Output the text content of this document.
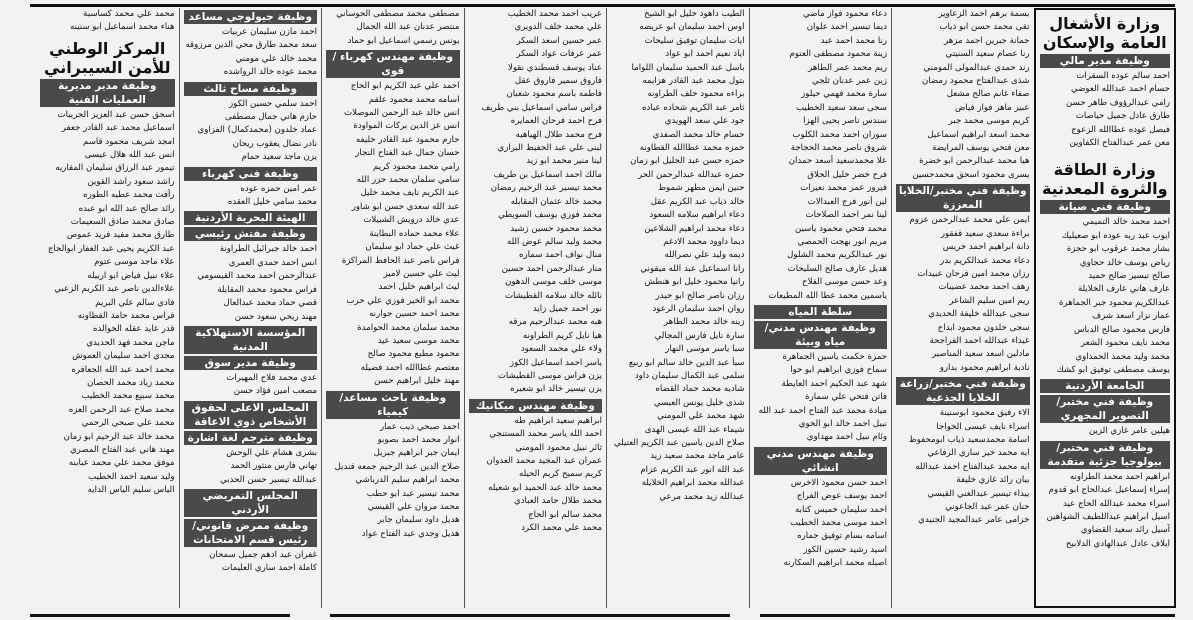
وزارة الأشغال العامة والإسكان
وظيفة مدير مالي
احمد سالم عوده السقرات
حسام احمد عبدالله العوضي
رامي عبدالرؤوف طاهر حسن
طارق عادل جميل حياصات
فيصل عوده عطاالله الزعوج
معن عمر عبدالفتاح الكفاوين
وزارة الطاقة والثروة المعدنية
وظيفة فني صيانة
احمد محمد خالد التميمي
ايوب عبد ربه عوده ابو صعيليك
بشار محمد عرقوب ابو حجزة
رياض يوسف خالد حجاوي
صالح تيسير صالح حميد
عارف هاني عارف الخلايلة
عبدالكريم محمود جبر الجماهرة
عمار نزار اسعد شرف
فارس محمود صالح الدباس
محمد نايف محمود الشعر
محمد وليد محمد الحمداوي
يوسف مصطفى توفيق ابو كشك
الجامعة الأردنية
وظيفة فني مختبر/التصوير المجهري
هيلين عامر غازي الزين
وظيفة فني مختبر/بيولوجيا جزئية متقدمة
ابراهيم احمد محمد الطراونه
إسراء إسماعيل عبدالحاج ابو قدوم
اسراء محمد عبدالله الحاج عيد
اسيل ابراهيم عبداللطيف الشواهين
آسيل رائد سعيد القضاوي
ايلاف عادل عبدالهادي الدلابيح
بسمة برهم احمد الزعاوير
تقى محمد حسن ابو ذياب
جمانة جبرين احمد مزهر
رنا عصام سعيد السنيتي
رند حمدي عبدالمولى المومني
شذى عبدالفتاح محمود رمضان
صفاء غانم صالح مشعل
عبير ماهر فواز فياض
كريم موسى محمد جبر
محمد اسعد ابراهيم اسماعيل
معن فتحي يوسف المرايضة
هيا محمد عبدالرحمن ابو خضرة
يسرى محمود اسحق محمدحسين
وظيفة فني مختبر/الخلايا المعززة
ايمن علي محمد عبدالرحمن عزوم
براءة سعدي سعيد قفقور
دانة ابراهيم احمد خريس
دعاء محمد عبدالكريم بدر
رزان محمد امين فرحان عبيدات
رهف احمد محمد عضيبات
ريم امين سليم الشاعر
سجى عبدالله خليفة الحديدي
سجى خلدون محمود ابداح
غيداء عبدالله احمد الفراجحة
مادلين اسعد سعيد المناصير
نادية ابراهيم محمود بدارو
وظيفة فني مختبر/زراعة الخلايا الجذعية
الاء رفيق محمود ابوسنينة
اسراء نايف عيسى الخواجا
اسامة محمدسعيد ذياب ابومحفوظ
ايه محمد خير ساري الرفاعي
ايه محمد عبدالفتاح احمد عبدالله
بيان رائد غازي خليفة
بيداء تيسير عبدالغني القيسي
حنان عمر عيد الجاعوني
خزامى عامر عبدالمجيد الجنيدي
دعاء محمود فواز ماضي
ديما تيسير احمد علوان
رنا محمد احمد عبد
زينة محمود مصطفى العتوم
ريم محمد عمر الطاهر
زين عمر عدنان ثلجي
سارة محمد فهمي حيلوز
سجى سعد سعيد الخطيب
سندس ناصر يحيى الهزا
سوزان احمد محمد الكلوب
شروق ناصر محمد الحجاجة
علا محمدسعيد أسعد حمدان
فرح خضر خليل الحلاق
فيروز عمر محمد نعيرات
لين أنور فرج العبدالات
لينا نمر احمد الصلاحات
محمد فتحي محمود ياسين
مريم انور بهجت الحمصي
نور عبدالكريم محمد الشلول
هديل عارف صالح السليحات
وعد حسن موسى الفلاح
ياسمين محمد عطا الله المطيعات
سلطة المياه
وظيفة مهندس مدني/مياه وبيئة
حمزة حكمت ياسين الجماهرة
سماح فوزي ابراهيم ابو حوا
شهد عبد الحكيم احمد العايطة
فاتن فتحي علي سمارة
ميادة محمد عبد الفتاح احمد عبد الله
نبيل احمد خالد ابو الخوي
وئام نبيل احمد مهداوي
وظيفة مهندس مدني انشائي
احمد حسن محمود الاخرس
احمد يوسف عوض الفراج
احمد سليمان خميس كتابه
احمد موسى محمد الخطيب
اسامه بسام توفيق جماره
اسيد رشيد حسين الكوز
اصيله محمد ابراهيم السكارنه
الطيب داهود خليل ابو الشيخ
اوس احمد سليمان ابو عريضه
ايات سليمان توفيق سليحات
اياد نعيم احمد ابو عواد
باسل عبد الحميد سليمان اللواما
بتول محمد عبد القادر هزايمه
براءه محمود خلف الطراونه
ثامر عبد الكريم شحاده عباده
جود علي سعد الهويدي
حسام خالد محمد الصفدي
حمزه محمد عطاالله القطاونه
حمزه حسن عبد الجليل ابو زمان
حمزه عبدالله عبدالرحمن الحر
حنين ايمن مطهر شموط
خالد ذياب عبد الكريم عقل
دعاء ابراهيم سلامه السعود
دعاء محمد ابراهيم الشلاعين
ديما داوود محمد الادغم
ديمه وليد علي نصرالله
رانا اسماعيل عبد الله ميقوني
رانيا محمود خليل ابو هنطش
رزان ناصر صالح ابو حيدر
روان احمد سليمان الرعود
زينه خالد محمد الطاهر
سارة نايل فارس المجالي
سبا ياسر موسى النهار
سبأ عبد الدين خالد سالم ابو ربيع
سلمى عبد الكمال سليمان داود
شاديه محمد حماد القضاه
شذى خليل يونس العبسي
شهد محمد علي المومني
شيماء عبد الله عيسى الهدى
صلاح الدين ياسين عبد الكريم العتيلي
عامر ماجد محمد سعيد زيد
عبد الله انور عبد الكريم عزام
عبدالله محمد ابراهيم الخلايله
عبدالله زيد محمد مرعي
عريب احمد محمد الخطيب
علي محمد خلف الدويري
عمر حسين اسعد السكر
عمر عرفات عواد السكر
عناد يوسف قسطندي نقولا
فاروق سمير فاروق عقل
فاطمه باسم محمود شعبان
فراس سامي اسماعيل بني طريف
فرح احمد فرحان العمايره
فرح محمد طلال الهياهيه
لبنى علي عبد الحفيظ البراري
لينا منير محمد ابو زيد
مالك احمد اسماعيل بن طريف
محمد تيسير عبد الرحيم رمضان
محمد خالد عثمان المقابله
محمد فوزي يوسف السويطي
محمد محمود حسين زشيد
محمد وليد سالم عوض الله
منال نواف احمد سماره
منار عبدالرحمن احمد حسين
موسى خلف موسى الدهون
نائله خالد سلامه القطيشات
نور احمد جميل زايد
هبه محمد عبدالرحيم مرقه
هيا نايل كريم الطراونه
ولاء علي محمد السعود
ياسر احمد اسماعيل الكوز
يزن فراس موسى القطيشات
يزن تيسير خالد ابو شعيره
وظيفة مهندس ميكانيك
ابراهيم سعيد ابراهيم طه
احمد الله ياسر محمد المستنجي
ثائر نبيل محمود المومني
عمران عبد المجيد محمد العدوان
كريم سميح كريم الحيله
محمد خالد عبد الحميد ابو شعيله
محمد طلال حامد العبادي
محمد سالم ابو الحاج
محمد علي محمد الكرد
مصطفى محمد مصطفى الحوساني
منتصر عدنان عبد الله الجمال
يونس رسمي اسماعيل ابو حماد
وظيفة مهندس كهرباء / قوى
احمد علي عبد الكريم ابو الحاج
اسامه محمد محمود علقم
انس خالد عبد الرحمن الموصلات
انس عز الدين بركات المواودة
حازم محمود عبد القادر خليفه
حسان جمال عبد الفتاح النجار
رامي محمد محمود كريم
سامي سلمان محمد حزر الله
عبد الكريم نايف محمد خليل
عبد الله سعدي حسن ابو شاور
عدي خالد درويش الشبيلات
علاء محمد حماده البطاينة
غيث علي حماد ابو سليمان
فراس ناصر عبد الحافظ المراكزة
ليث علي حسين لاميز
ليث ابراهيم خليل احمد
محمد ابو الخير فوزي علي حرب
محمد احمد حسين جوارنه
محمد سلمان محمد الحوامدة
محمد موسى سعيد عيد
محمود مطيع محمود صالح
معتصم عطاالله احمد فضيله
مهند خليل ابراهيم حسن
وظيفة باحث مساعد/كيمياء
احمد صبحي ذيب عمار
انوار محمد احمد بصوبو
ايمان جبر ابراهيم جبريل
صلاح الدين عبد الرحيم جمعه قنديل
محمد ابراهيم سليم الدرباشي
محمد تيسير عبد ابو حطب
محمد مروان علي القيسي
هديل داود سليمان جابر
هديل وجدي عبد الفتاح عواد
وظيفة جيولوجي مساعد
احمد مازن سليمان عربيات
سعد محمد طارق محي الدين مرزوقه
محمد خالد علي مومني
محمد عوده خالد الرواشده
وظيفة مساح ثالث
احمد سلمي حسين الكوز
حازم هاني جمال مصطفى
عماد خلدون (محمدكمال) الفزاوي
نادر نضال يعقوب ريحان
يزن ماجد سعيد حمام
وظيفة فني كهرباء
عمر امين حمزه عوده
محمد سامي خليل العقده
الهيئة البحرية الأردنية
وظيفة مفتش رئيسي
احمد خالد جبرائيل الطراونة
انس احمد حمدي العمري
عبدالرحمن احمد محمد القيسومي
فراس محمود محمد المقابلة
قصي حماد محمد عبدالعال
مهند ريحي سعود حسن
المؤسسة الاستهلاكية المدنية
وظيفة مدير سوق
عدي محمد فلاح المهيرات
مصعب امين فؤاد حسن
المجلس الاعلى لحقوق الأشخاص ذوي الاعاقة
وظيفة مترجم لغة اشارة
بشرى هشام علي الوحش
تهاني فارس منثور الحمد
عبدالله تيسير حسن الحدبي
المجلس التمريضي الأردني
وظيفة ممرض قانوني/رئيس قسم الامتحانات
غفران عيد ادهم جميل سمحان
كاملة احمد ساري العليمات
محمد علي محمد كساسبة
هناء محمد اسماعيل ابو سنينه
المركز الوطني للأمن السيبراني
وظيفة مدير مديرية العمليات الفنية
اسحق حسن عبد العزيز الحريبات
اسماعيل محمد عبد القادر جعفر
امجد شريف محمود قاسم
انس عبد الله هلال عيسى
تيمور عبد الرزاق سليمان المقاريه
راشد سعود راشد القوين
رأفت محمد عطيه الطوره
رائد صالح عبد الله ابو عبده
صادق محمد صادق السعيمات
طارق محمد مفيد فريد عموص
عبد الكريم يحيى عبد الغفار ابوالحاج
علاء ماجد موسى عتوم
علاء نبيل فياض ابو اربيله
علاءالدين ناصر عبد الكريم الزعبي
فادي سالم علي البريم
فراس محمد حامد القطاونه
قدر عايد عقله الخوالده
ماجن محمد فهد الحديدي
مجدي احمد سليمان العموش
محمد احمد عبد الله الجعافره
محمد زياد محمد الحصان
محمد سبيع محمد الخطيب
محمد صلاح عبد الرحمن العزه
محمد علي صبحي الرحمي
محمد خالد عبد الرحيم ابو زمان
مهند هاني عبد الفتاح المصري
موفق محمد علي محمد عبابنه
وليد سعيد احمد الخطيب
الياس سليم الياس الدايه
